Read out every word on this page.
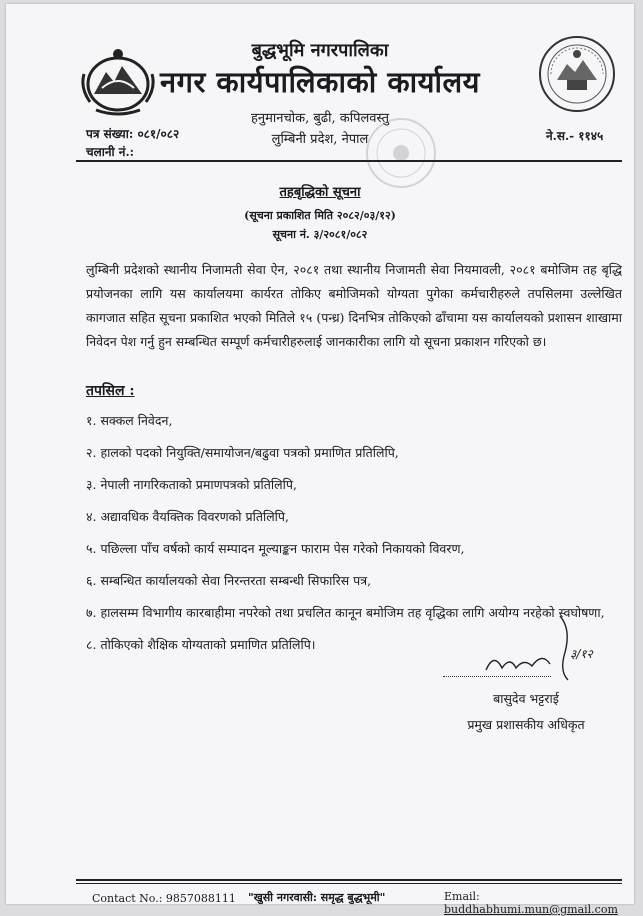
बुद्धभूमि नगरपालिका
नगर कार्यपालिकाको कार्यालय
हनुमानचोक, बुढी, कपिलवस्तु
लुम्बिनी प्रदेश, नेपाल
पत्र संख्या: ०८१/०८२
चलानी नं.:
ने.स.- ११४५
तहबृद्धिको सूचना
(सूचना प्रकाशित मिति २०८२/०३/१२)
सूचना नं. ३/२०८१/०८२
लुम्बिनी प्रदेशको स्थानीय निजामती सेवा ऐन, २०८१ तथा स्थानीय निजामती सेवा नियमावली, २०८१ बमोजिम तह बृद्धि प्रयोजनका लागि यस कार्यालयमा कार्यरत तोकिए बमोजिमको योग्यता पुगेका कर्मचारीहरुले तपसिलमा उल्लेखित कागजात सहित सूचना प्रकाशित भएको मितिले १५ (पन्ध्र) दिनभित्र तोकिएको ढाँचामा यस कार्यालयको प्रशासन शाखामा निवेदन पेश गर्नु हुन सम्बन्धित सम्पूर्ण कर्मचारीहरुलाई जानकारीका लागि यो सूचना प्रकाशन गरिएको छ।
तपसिल :
१. सक्कल निवेदन,
२. हालको पदको नियुक्ति/समायोजन/बढुवा पत्रको प्रमाणित प्रतिलिपि,
३. नेपाली नागरिकताको प्रमाणपत्रको प्रतिलिपि,
४. अद्यावधिक वैयक्तिक विवरणको प्रतिलिपि,
५. पछिल्ला पाँच वर्षको कार्य सम्पादन मूल्याङ्कन फाराम पेस गरेको निकायको विवरण,
६. सम्बन्धित कार्यालयको सेवा निरन्तरता सम्बन्धी सिफारिस पत्र,
७. हालसम्म विभागीय कारबाहीमा नपरेको तथा प्रचलित कानून बमोजिम तह वृद्धिका लागि अयोग्य नरहेको स्वघोषणा,
८. तोकिएको शैक्षिक योग्यताको प्रमाणित प्रतिलिपि।
३/१२
बासुदेव भट्टराई
प्रमुख प्रशासकीय अधिकृत
Contact No.: 9857088111 "खुसी नगरवासी: समृद्ध बुद्धभूमी"	Email: buddhabhumi.mun@gmail.com
